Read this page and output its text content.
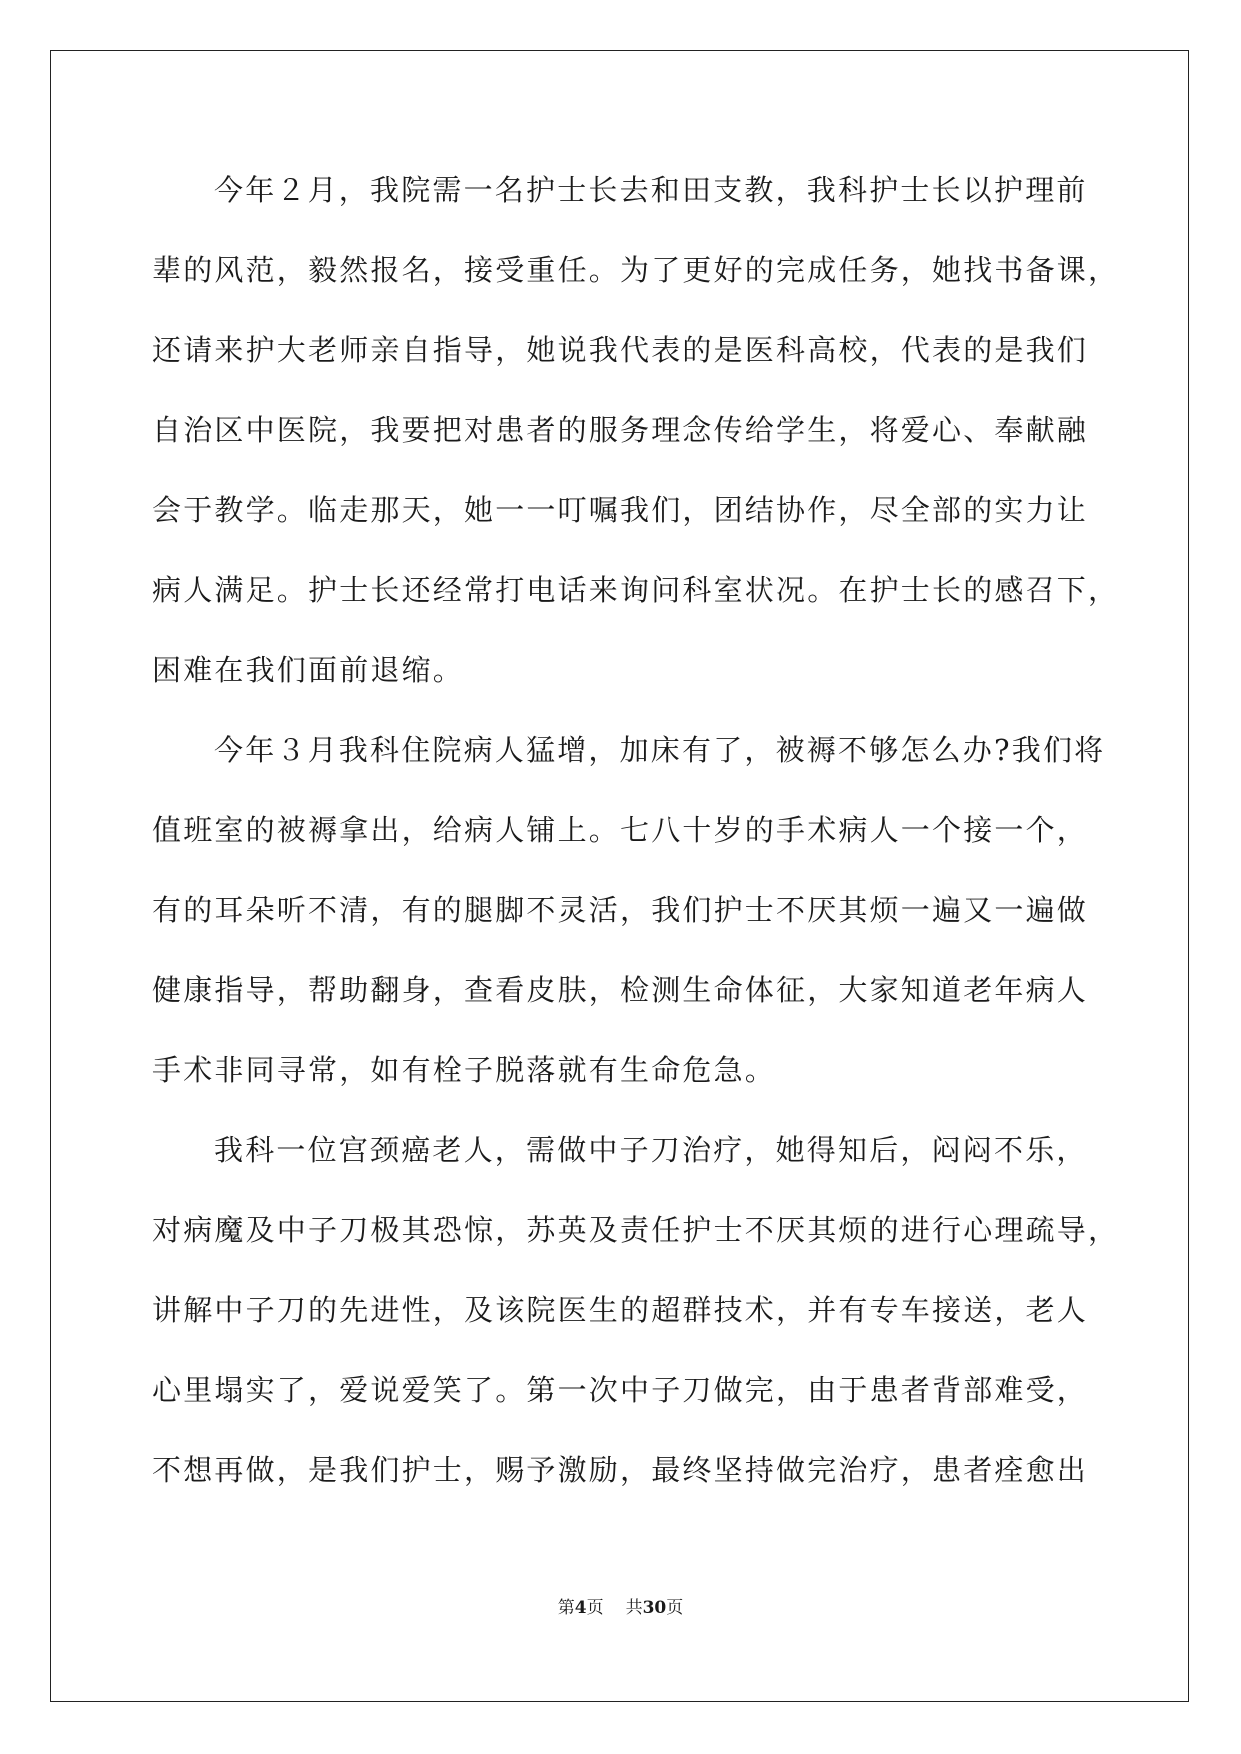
今年２月，我院需一名护士长去和田支教，我科护士长以护理前
辈的风范，毅然报名，接受重任。为了更好的完成任务，她找书备课，
还请来护大老师亲自指导，她说我代表的是医科高校，代表的是我们
自治区中医院，我要把对患者的服务理念传给学生，将爱心、奉献融
会于教学。临走那天，她一一叮嘱我们，团结协作，尽全部的实力让
病人满足。护士长还经常打电话来询问科室状况。在护士长的感召下，
困难在我们面前退缩。
今年３月我科住院病人猛增，加床有了，被褥不够怎么办?我们将
值班室的被褥拿出，给病人铺上。七八十岁的手术病人一个接一个，
有的耳朵听不清，有的腿脚不灵活，我们护士不厌其烦一遍又一遍做
健康指导，帮助翻身，查看皮肤，检测生命体征，大家知道老年病人
手术非同寻常，如有栓子脱落就有生命危急。
我科一位宫颈癌老人，需做中子刀治疗，她得知后，闷闷不乐，
对病魔及中子刀极其恐惊，苏英及责任护士不厌其烦的进行心理疏导，
讲解中子刀的先进性，及该院医生的超群技术，并有专车接送，老人
心里塌实了，爱说爱笑了。第一次中子刀做完，由于患者背部难受，
不想再做，是我们护士，赐予激励，最终坚持做完治疗，患者痊愈出
第4页 共30页
